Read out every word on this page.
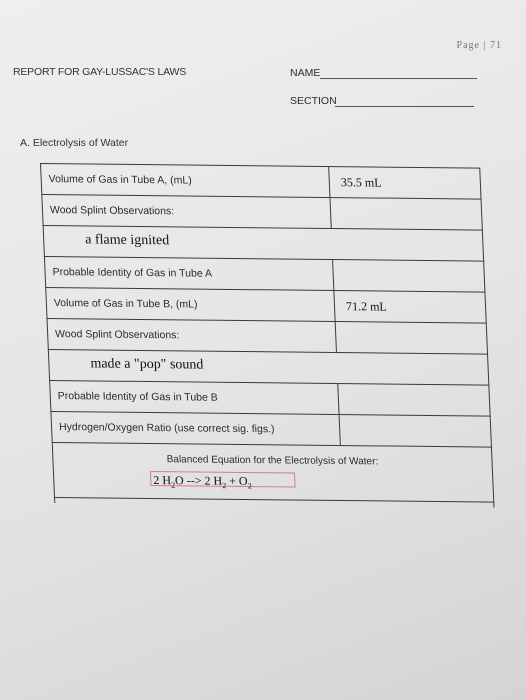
Page | 71
REPORT FOR GAY-LUSSAC'S LAWS	NAME
SECTION
A. Electrolysis of Water
Volume of Gas in Tube A, (mL)	35.5 mL
Wood Splint Observations:
a flame ignited
Probable Identity of Gas in Tube A
Volume of Gas in Tube B, (mL)	71.2 mL
Wood Splint Observations:
made a "pop" sound
Probable Identity of Gas in Tube B
Hydrogen/Oxygen Ratio (use correct sig. figs.)
Balanced Equation for the Electrolysis of Water:
2 $H_2O$ --> 2 $H_2 + O_2$
